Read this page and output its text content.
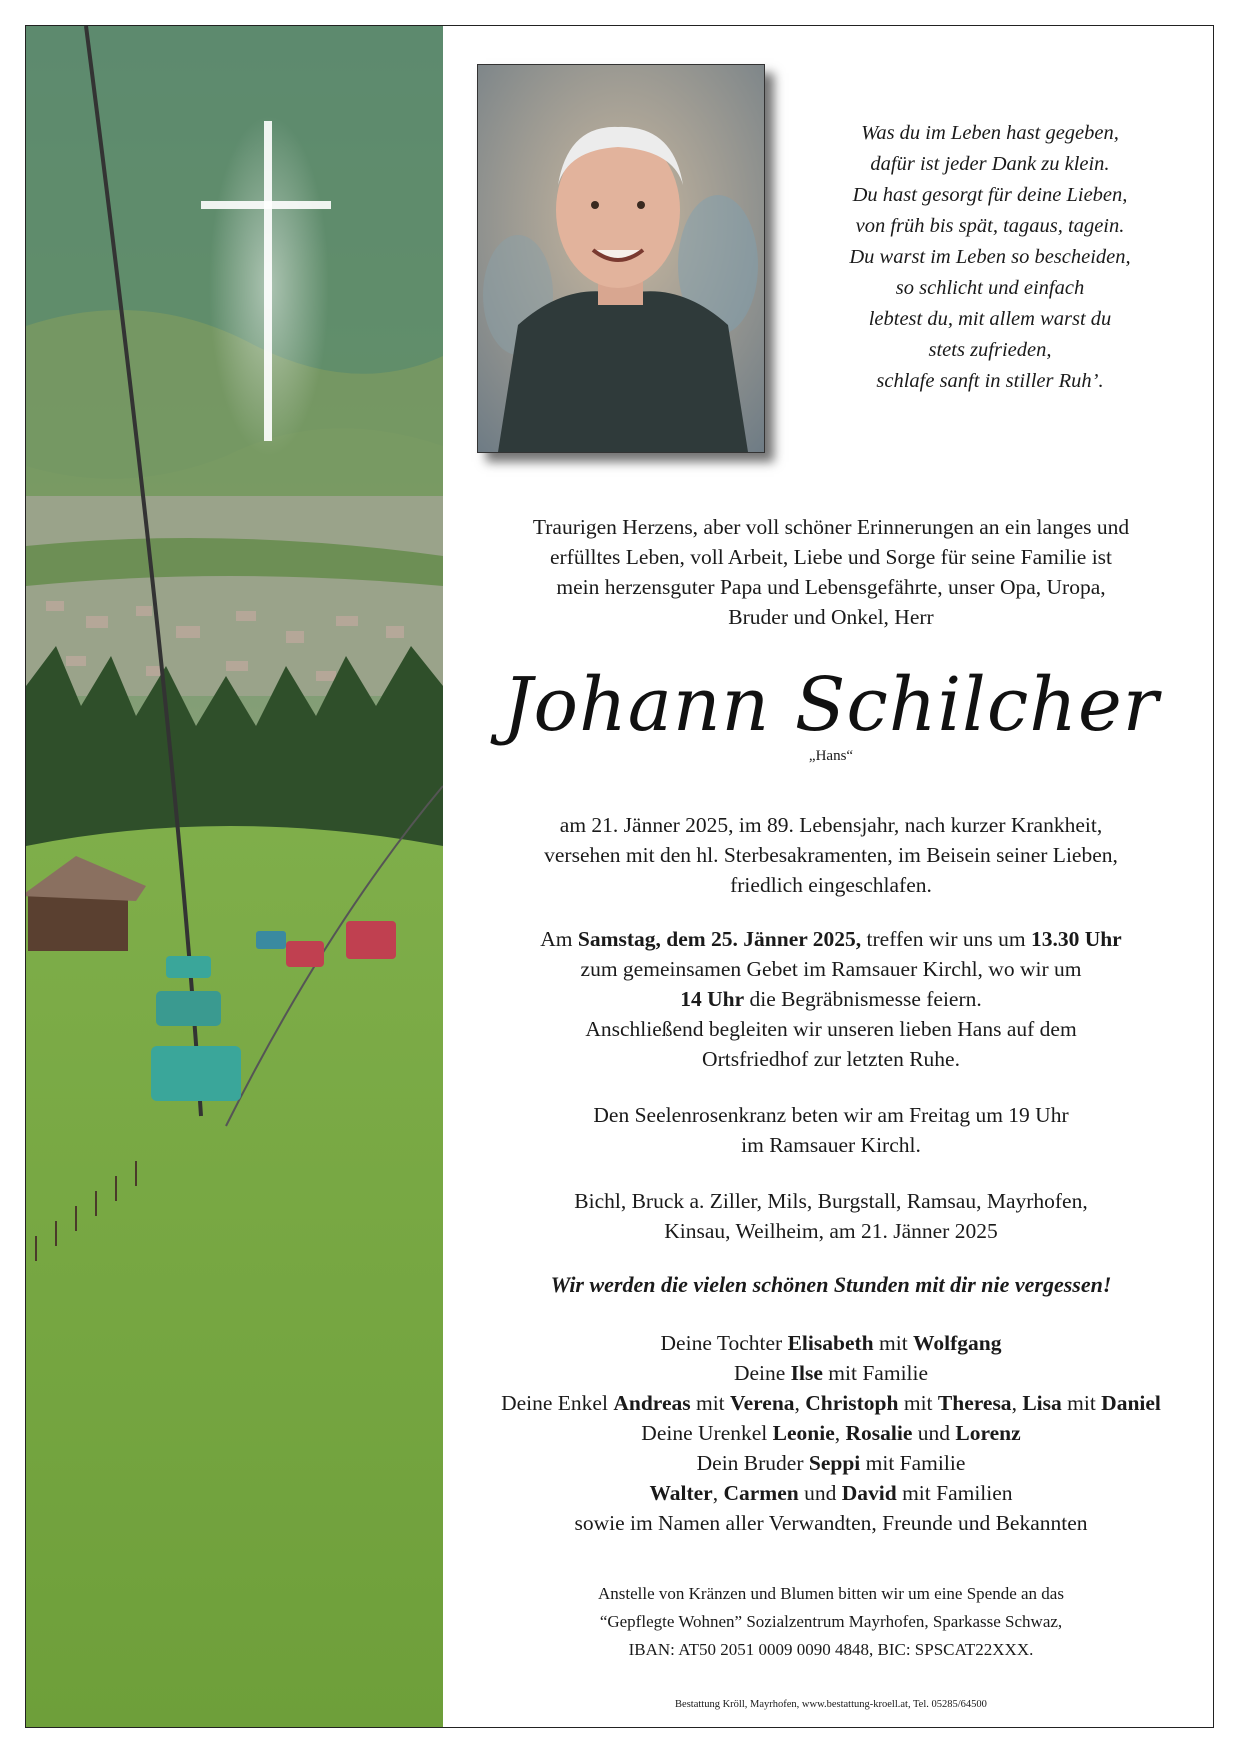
Was du im Leben hast gegeben,
dafür ist jeder Dank zu klein.
Du hast gesorgt für deine Lieben,
von früh bis spät, tagaus, tagein.
Du warst im Leben so bescheiden,
so schlicht und einfach
lebtest du, mit allem warst du
stets zufrieden,
schlafe sanft in stiller Ruh’.
Traurigen Herzens, aber voll schöner Erinnerungen an ein langes und
erfülltes Leben, voll Arbeit, Liebe und Sorge für seine Familie ist
mein herzensguter Papa und Lebensgefährte, unser Opa, Uropa,
Bruder und Onkel, Herr
Johann Schilcher
„Hans“
am 21. Jänner 2025, im 89. Lebensjahr, nach kurzer Krankheit,
versehen mit den hl. Sterbesakramenten, im Beisein seiner Lieben,
friedlich eingeschlafen.
Am Samstag, dem 25. Jänner 2025, treffen wir uns um 13.30 Uhr
zum gemeinsamen Gebet im Ramsauer Kirchl, wo wir um
14 Uhr die Begräbnismesse feiern.
Anschließend begleiten wir unseren lieben Hans auf dem
Ortsfriedhof zur letzten Ruhe.
Den Seelenrosenkranz beten wir am Freitag um 19 Uhr
im Ramsauer Kirchl.
Bichl, Bruck a. Ziller, Mils, Burgstall, Ramsau, Mayrhofen,
Kinsau, Weilheim, am 21. Jänner 2025
Wir werden die vielen schönen Stunden mit dir nie vergessen!
Deine Tochter Elisabeth mit Wolfgang
Deine Ilse mit Familie
Deine Enkel Andreas mit Verena, Christoph mit Theresa, Lisa mit Daniel
Deine Urenkel Leonie, Rosalie und Lorenz
Dein Bruder Seppi mit Familie
Walter, Carmen und David mit Familien
sowie im Namen aller Verwandten, Freunde und Bekannten
Anstelle von Kränzen und Blumen bitten wir um eine Spende an das
“Gepflegte Wohnen” Sozialzentrum Mayrhofen, Sparkasse Schwaz,
IBAN: AT50 2051 0009 0090 4848, BIC: SPSCAT22XXX.
Bestattung Kröll, Mayrhofen, www.bestattung-kroell.at, Tel. 05285/64500
